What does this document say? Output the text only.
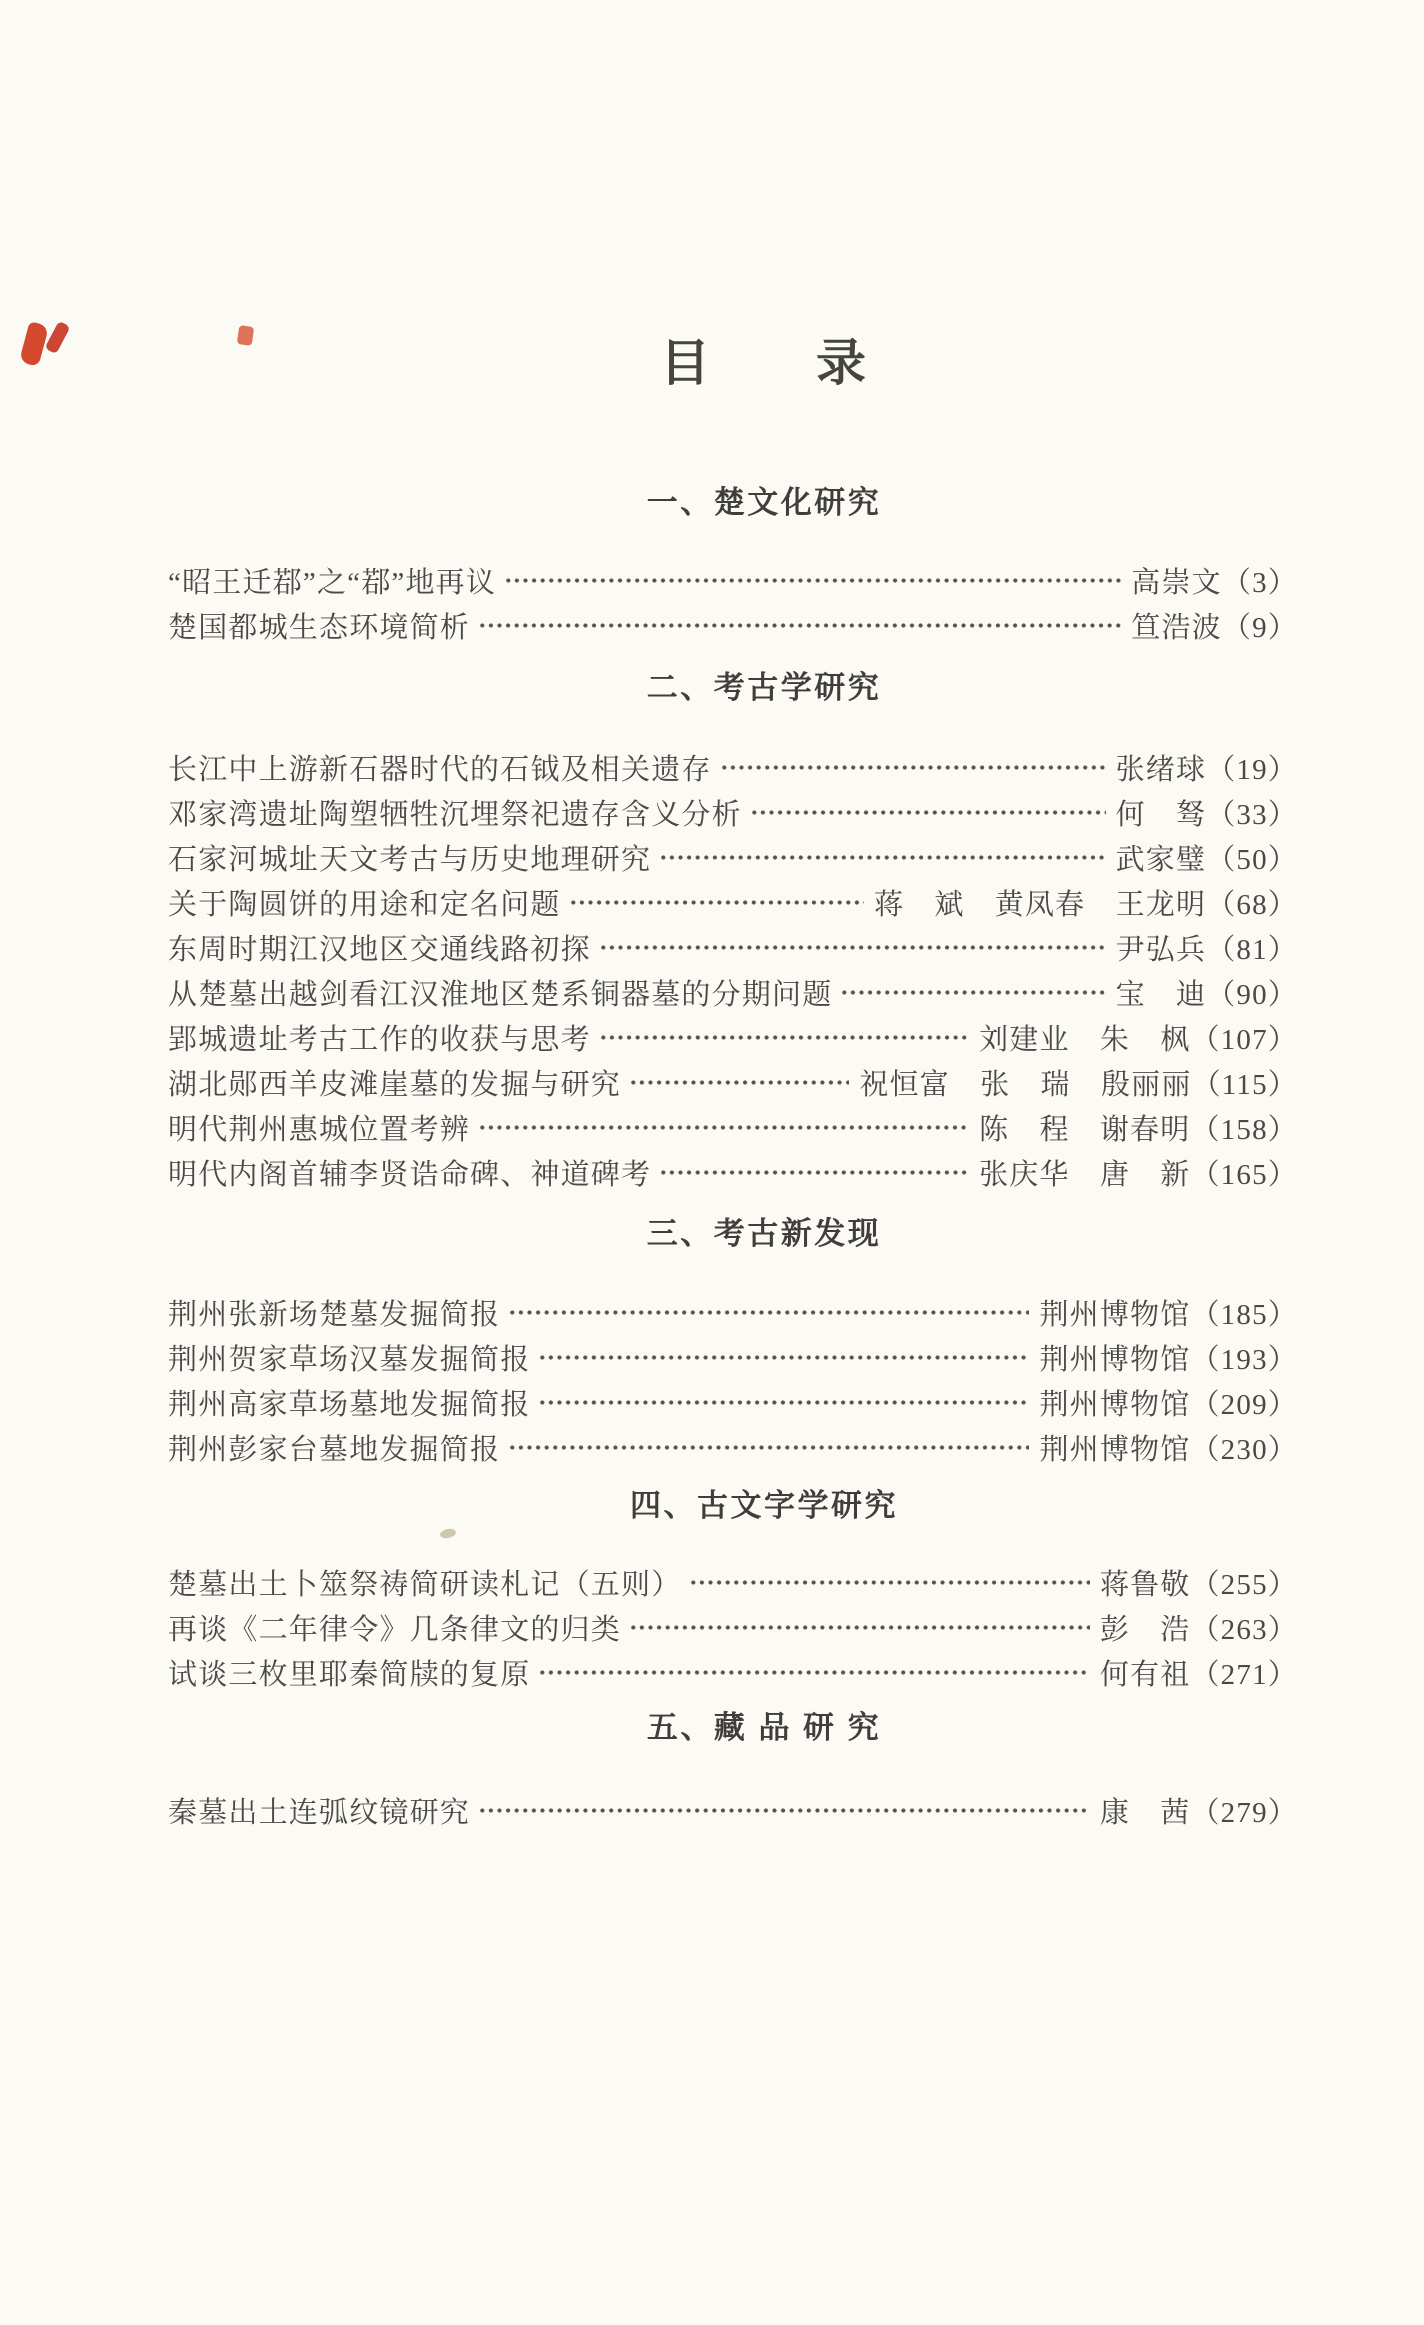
目　　录
一、楚文化研究
“昭王迁鄀”之“鄀”地再议	高崇文（3）
楚国都城生态环境简析	笪浩波（9）
二、考古学研究
长江中上游新石器时代的石钺及相关遗存	张绪球（19）
邓家湾遗址陶塑牺牲沉埋祭祀遗存含义分析	何　驽（33）
石家河城址天文考古与历史地理研究	武家璧（50）
关于陶圆饼的用途和定名问题	蒋　斌　黄凤春　王龙明（68）
东周时期江汉地区交通线路初探	尹弘兵（81）
从楚墓出越剑看江汉淮地区楚系铜器墓的分期问题	宝　迪（90）
郢城遗址考古工作的收获与思考	刘建业　朱　枫（107）
湖北郧西羊皮滩崖墓的发掘与研究	祝恒富　张　瑞　殷丽丽（115）
明代荆州惠城位置考辨	陈　程　谢春明（158）
明代内阁首辅李贤诰命碑、神道碑考	张庆华　唐　新（165）
三、考古新发现
荆州张新场楚墓发掘简报	荆州博物馆（185）
荆州贺家草场汉墓发掘简报	荆州博物馆（193）
荆州高家草场墓地发掘简报	荆州博物馆（209）
荆州彭家台墓地发掘简报	荆州博物馆（230）
四、古文字学研究
楚墓出土卜筮祭祷简研读札记（五则）	蒋鲁敬（255）
再谈《二年律令》几条律文的归类	彭　浩（263）
试谈三枚里耶秦简牍的复原	何有祖（271）
五、藏 品 研 究
秦墓出土连弧纹镜研究	康　茜（279）
